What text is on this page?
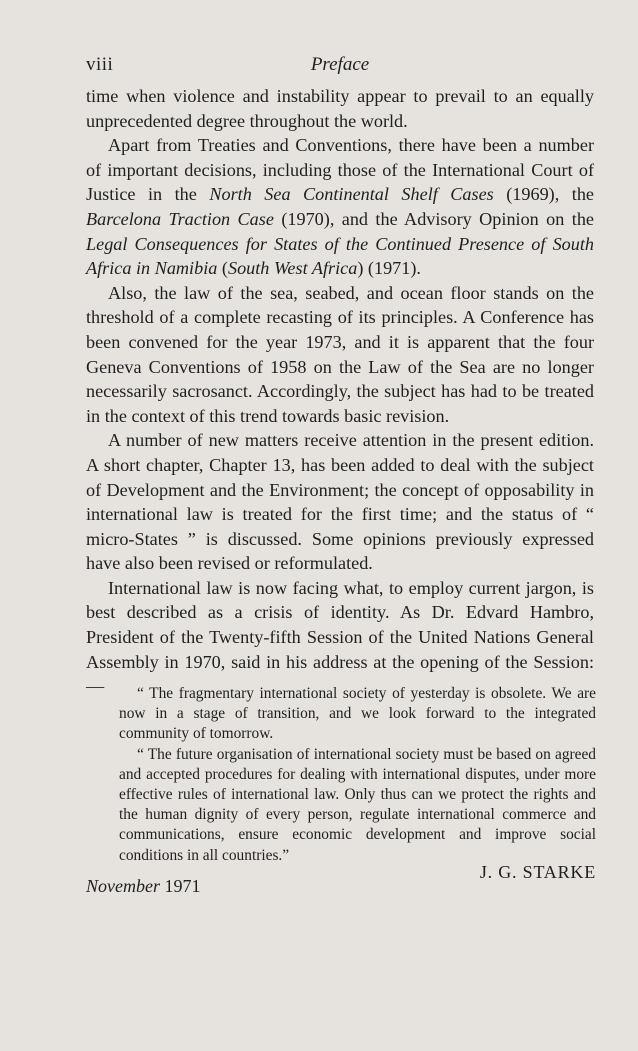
viii	Preface

time when violence and instability appear to prevail to an equally unprecedented degree throughout the world.

Apart from Treaties and Conventions, there have been a number of important decisions, including those of the International Court of Justice in the North Sea Continental Shelf Cases (1969), the Barcelona Traction Case (1970), and the Advisory Opinion on the Legal Consequences for States of the Continued Presence of South Africa in Namibia (South West Africa) (1971).

Also, the law of the sea, seabed, and ocean floor stands on the threshold of a complete recasting of its principles. A Conference has been convened for the year 1973, and it is apparent that the four Geneva Conventions of 1958 on the Law of the Sea are no longer necessarily sacrosanct. Accordingly, the subject has had to be treated in the context of this trend towards basic revision.

A number of new matters receive attention in the present edition. A short chapter, Chapter 13, has been added to deal with the subject of Development and the Environment; the concept of opposability in international law is treated for the first time; and the status of “ micro-States ” is discussed. Some opinions previously expressed have also been revised or reformulated.

International law is now facing what, to employ current jargon, is best described as a crisis of identity. As Dr. Edvard Hambro, President of the Twenty-fifth Session of the United Nations General Assembly in 1970, said in his address at the opening of the Session:—	“ The fragmentary international society of yesterday is obsolete. We are now in a stage of transition, and we look forward to the integrated community of tomorrow.

“ The future organisation of international society must be based on agreed and accepted procedures for dealing with international disputes, under more effective rules of international law. Only thus can we protect the rights and the human dignity of every person, regulate international commerce and communications, ensure economic development and improve social conditions in all countries.”

J. G. STARKE
November 1971
